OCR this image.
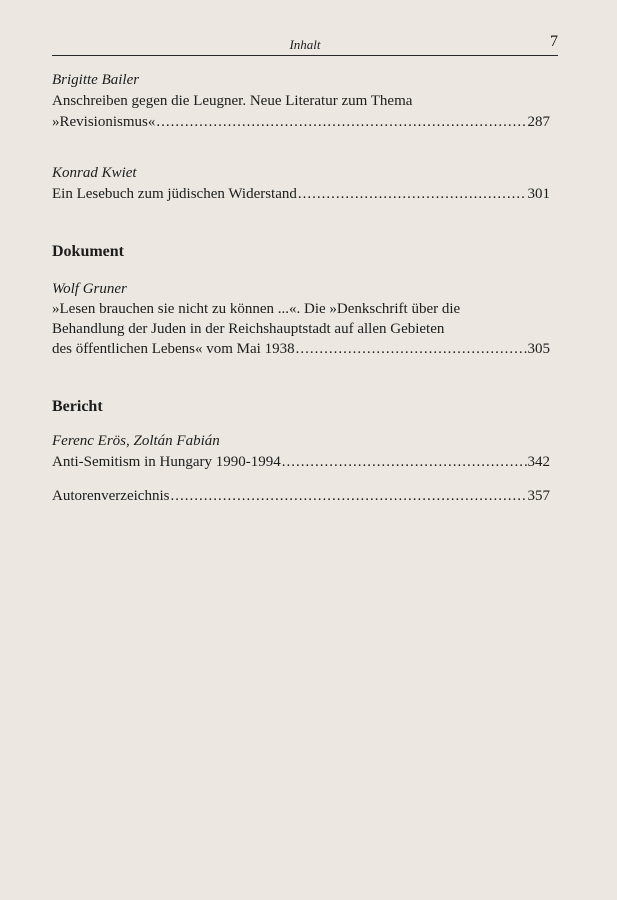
Inhalt	7
Brigitte Bailer
Anschreiben gegen die Leugner. Neue Literatur zum Thema
»Revisionismus« .....	287
Konrad Kwiet
Ein Lesebuch zum jüdischen Widerstand .....	301
Dokument
Wolf Gruner
»Lesen brauchen sie nicht zu können ...«. Die »Denkschrift über die
Behandlung der Juden in der Reichshauptstadt auf allen Gebieten
des öffentlichen Lebens« vom Mai 1938 .....	305
Bericht
Ferenc Erös, Zoltán Fabián
Anti-Semitism in Hungary 1990-1994 .....	342
Autorenverzeichnis .....	357
